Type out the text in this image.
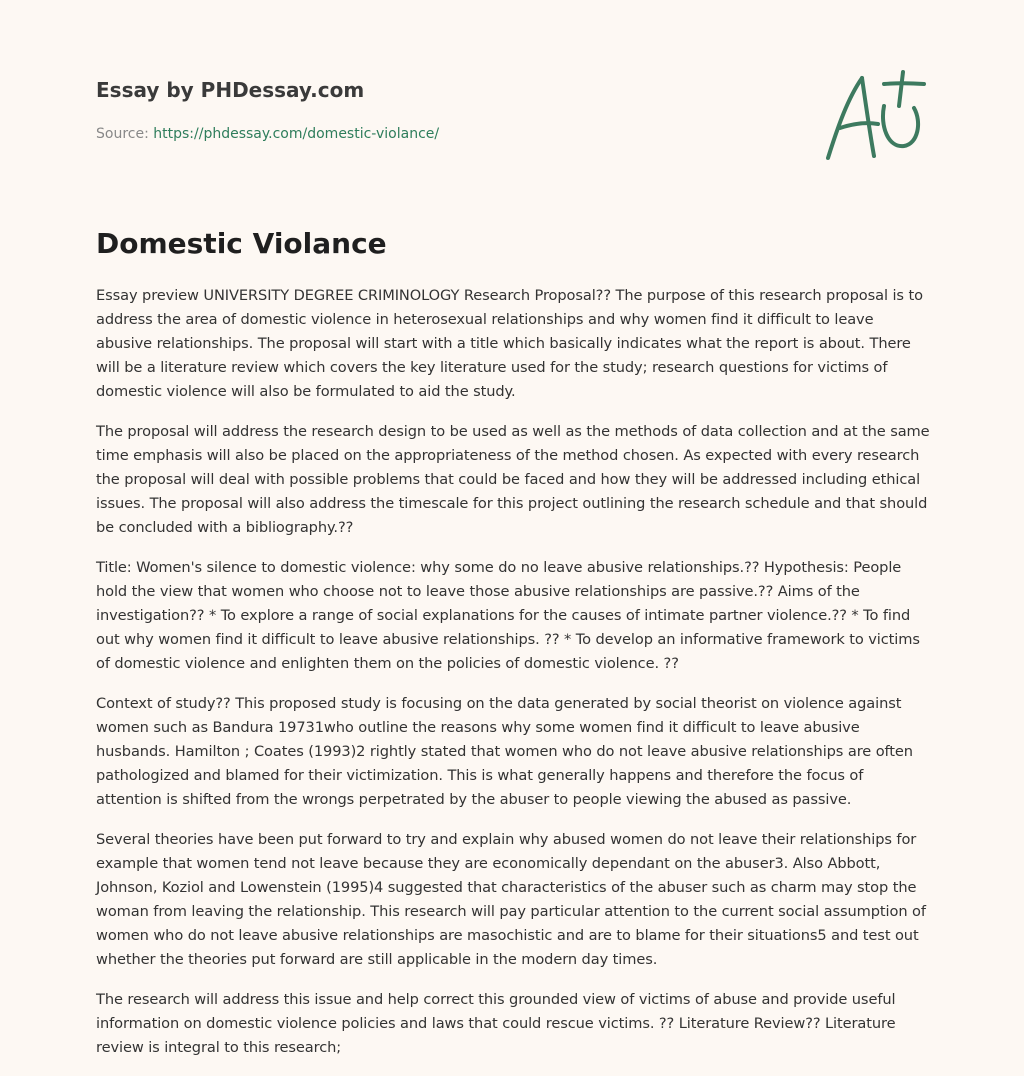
Essay by PHDessay.com
Source: https://phdessay.com/domestic-violance/
Domestic Violance

Essay preview UNIVERSITY DEGREE CRIMINOLOGY Research Proposal?? The purpose of this research proposal is to address the area of domestic violence in heterosexual relationships and why women find it difficult to leave abusive relationships. The proposal will start with a title which basically indicates what the report is about. There will be a literature review which covers the key literature used for the study; research questions for victims of domestic violence will also be formulated to aid the study.

The proposal will address the research design to be used as well as the methods of data collection and at the same time emphasis will also be placed on the appropriateness of the method chosen. As expected with every research the proposal will deal with possible problems that could be faced and how they will be addressed including ethical issues. The proposal will also address the timescale for this project outlining the research schedule and that should be concluded with a bibliography.??

Title: Women's silence to domestic violence: why some do no leave abusive relationships.?? Hypothesis: People hold the view that women who choose not to leave those abusive relationships are passive.?? Aims of the investigation?? * To explore a range of social explanations for the causes of intimate partner violence.?? * To find out why women find it difficult to leave abusive relationships. ?? * To develop an informative framework to victims of domestic violence and enlighten them on the policies of domestic violence. ??

Context of study?? This proposed study is focusing on the data generated by social theorist on violence against women such as Bandura 19731who outline the reasons why some women find it difficult to leave abusive husbands. Hamilton ; Coates (1993)2 rightly stated that women who do not leave abusive relationships are often pathologized and blamed for their victimization. This is what generally happens and therefore the focus of attention is shifted from the wrongs perpetrated by the abuser to people viewing the abused as passive.

Several theories have been put forward to try and explain why abused women do not leave their relationships for example that women tend not leave because they are economically dependant on the abuser3. Also Abbott, Johnson, Koziol and Lowenstein (1995)4 suggested that characteristics of the abuser such as charm may stop the woman from leaving the relationship. This research will pay particular attention to the current social assumption of women who do not leave abusive relationships are masochistic and are to blame for their situations5 and test out whether the theories put forward are still applicable in the modern day times.

The research will address this issue and help correct this grounded view of victims of abuse and provide useful information on domestic violence policies and laws that could rescue victims. ?? Literature Review?? Literature review is integral to this research;
